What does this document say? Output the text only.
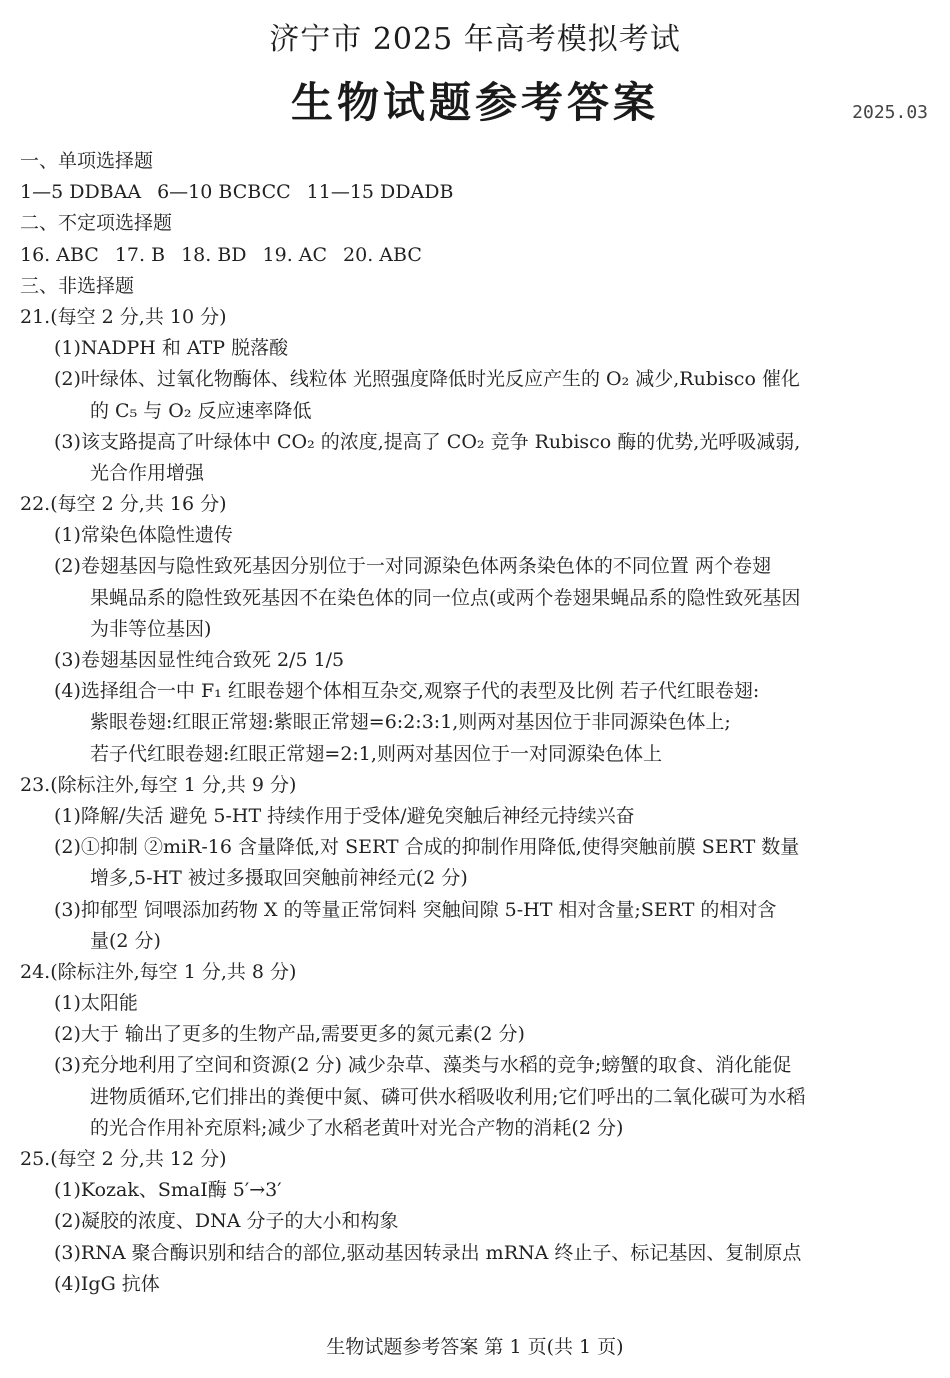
济宁市 2025 年高考模拟考试
生物试题参考答案	2025.03
一、单项选择题
1—5 DDBAA 6—10 BCBCC 11—15 DDADB
二、不定项选择题
16. ABC 17. B 18. BD 19. AC 20. ABC
三、非选择题
21.(每空 2 分,共 10 分)
(1)NADPH 和 ATP 脱落酸
(2)叶绿体、过氧化物酶体、线粒体 光照强度降低时光反应产生的 O₂ 减少,Rubisco 催化
的 C₅ 与 O₂ 反应速率降低
(3)该支路提高了叶绿体中 CO₂ 的浓度,提高了 CO₂ 竞争 Rubisco 酶的优势,光呼吸减弱,
光合作用增强
22.(每空 2 分,共 16 分)
(1)常染色体隐性遗传
(2)卷翅基因与隐性致死基因分别位于一对同源染色体两条染色体的不同位置 两个卷翅
果蝇品系的隐性致死基因不在染色体的同一位点(或两个卷翅果蝇品系的隐性致死基因
为非等位基因)
(3)卷翅基因显性纯合致死 2/5 1/5
(4)选择组合一中 F₁ 红眼卷翅个体相互杂交,观察子代的表型及比例 若子代红眼卷翅:
紫眼卷翅:红眼正常翅:紫眼正常翅=6:2:3:1,则两对基因位于非同源染色体上;
若子代红眼卷翅:红眼正常翅=2:1,则两对基因位于一对同源染色体上
23.(除标注外,每空 1 分,共 9 分)
(1)降解/失活 避免 5-HT 持续作用于受体/避免突触后神经元持续兴奋
(2)①抑制 ②miR-16 含量降低,对 SERT 合成的抑制作用降低,使得突触前膜 SERT 数量
增多,5-HT 被过多摄取回突触前神经元(2 分)
(3)抑郁型 饲喂添加药物 X 的等量正常饲料 突触间隙 5-HT 相对含量;SERT 的相对含
量(2 分)
24.(除标注外,每空 1 分,共 8 分)
(1)太阳能
(2)大于 输出了更多的生物产品,需要更多的氮元素(2 分)
(3)充分地利用了空间和资源(2 分) 减少杂草、藻类与水稻的竞争;螃蟹的取食、消化能促
进物质循环,它们排出的粪便中氮、磷可供水稻吸收利用;它们呼出的二氧化碳可为水稻
的光合作用补充原料;减少了水稻老黄叶对光合产物的消耗(2 分)
25.(每空 2 分,共 12 分)
(1)Kozak、SmaⅠ酶 5′→3′
(2)凝胶的浓度、DNA 分子的大小和构象
(3)RNA 聚合酶识别和结合的部位,驱动基因转录出 mRNA 终止子、标记基因、复制原点
(4)IgG 抗体
生物试题参考答案 第 1 页(共 1 页)
